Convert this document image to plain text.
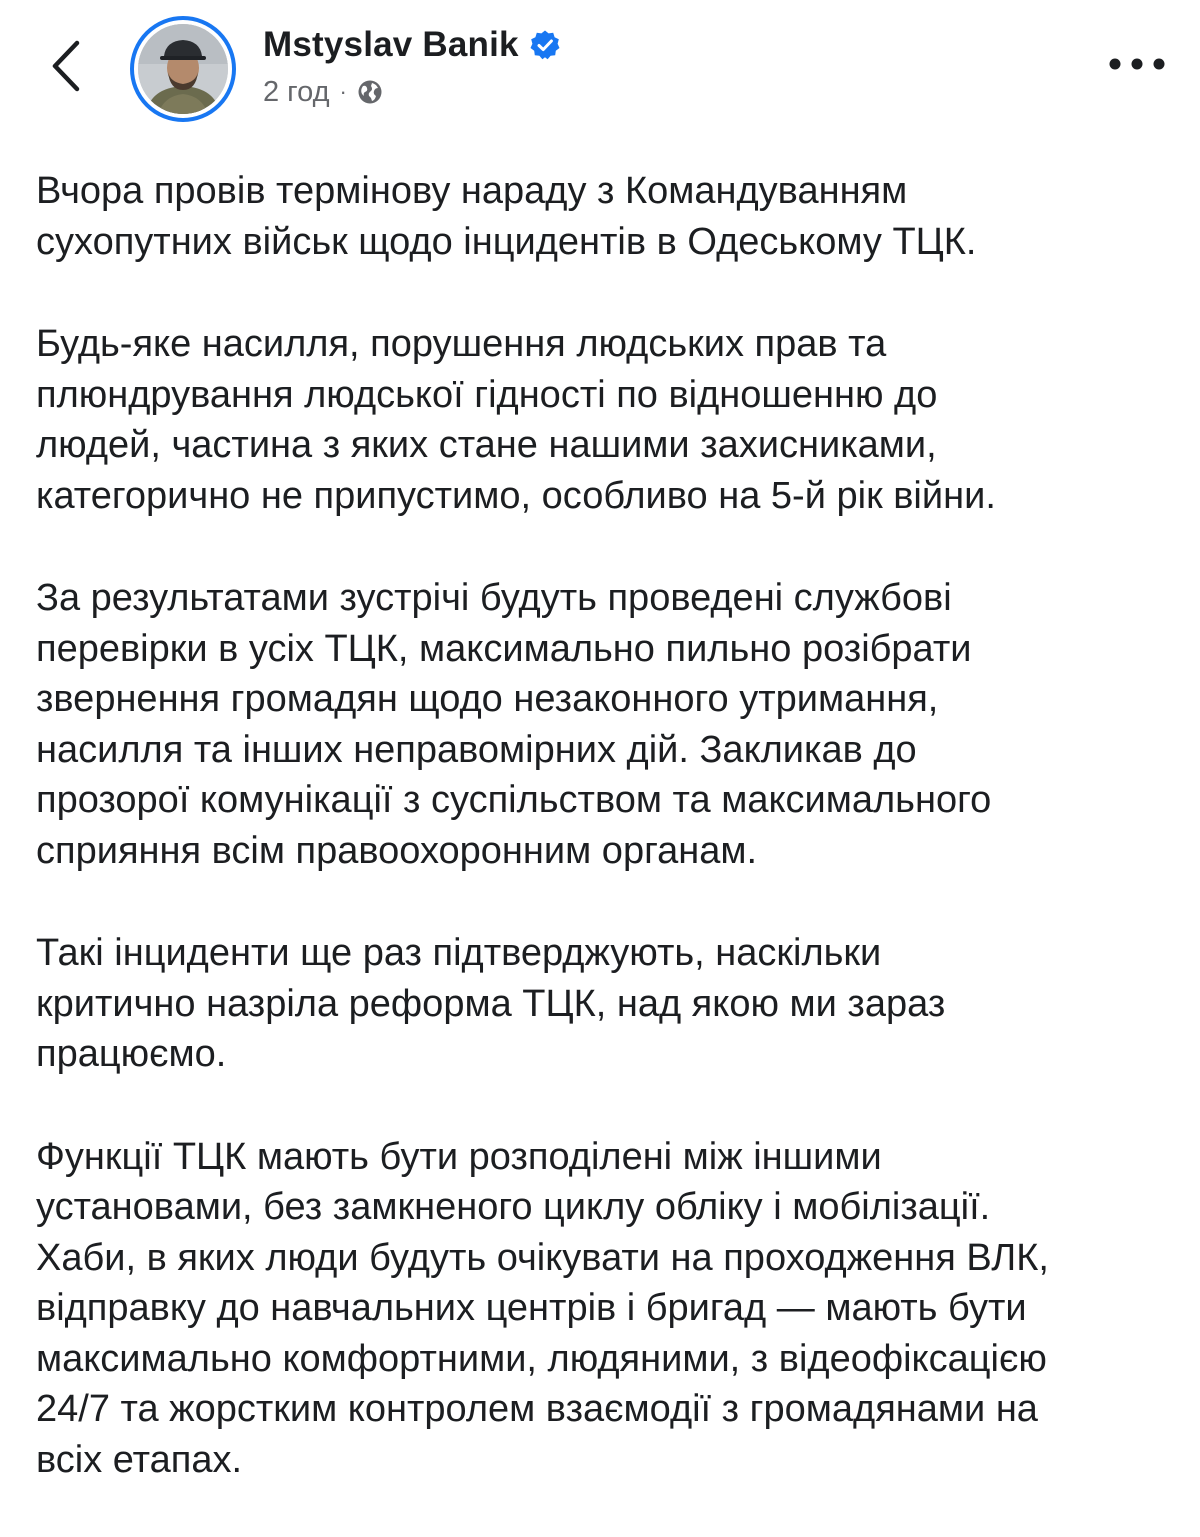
Mstyslav Banik
2 год ·

Вчора провів термінову нараду з Командуванням
сухопутних військ щодо інцидентів в Одеському ТЦК.

Будь-яке насилля, порушення людських прав та
плюндрування людської гідності по відношенню до
людей, частина з яких стане нашими захисниками,
категорично не припустимо, особливо на 5-й рік війни.

За результатами зустрічі будуть проведені службові
перевірки в усіх ТЦК, максимально пильно розібрати
звернення громадян щодо незаконного утримання,
насилля та інших неправомірних дій. Закликав до
прозорої комунікації з суспільством та максимального
сприяння всім правоохоронним органам.

Такі інциденти ще раз підтверджують, наскільки
критично назріла реформа ТЦК, над якою ми зараз
працюємо.

Функції ТЦК мають бути розподілені між іншими
установами, без замкненого циклу обліку і мобілізації.
Хаби, в яких люди будуть очікувати на проходження ВЛК,
відправку до навчальних центрів і бригад — мають бути
максимально комфортними, людяними, з відеофіксацією
24/7 та жорстким контролем взаємодії з громадянами на
всіх етапах.
